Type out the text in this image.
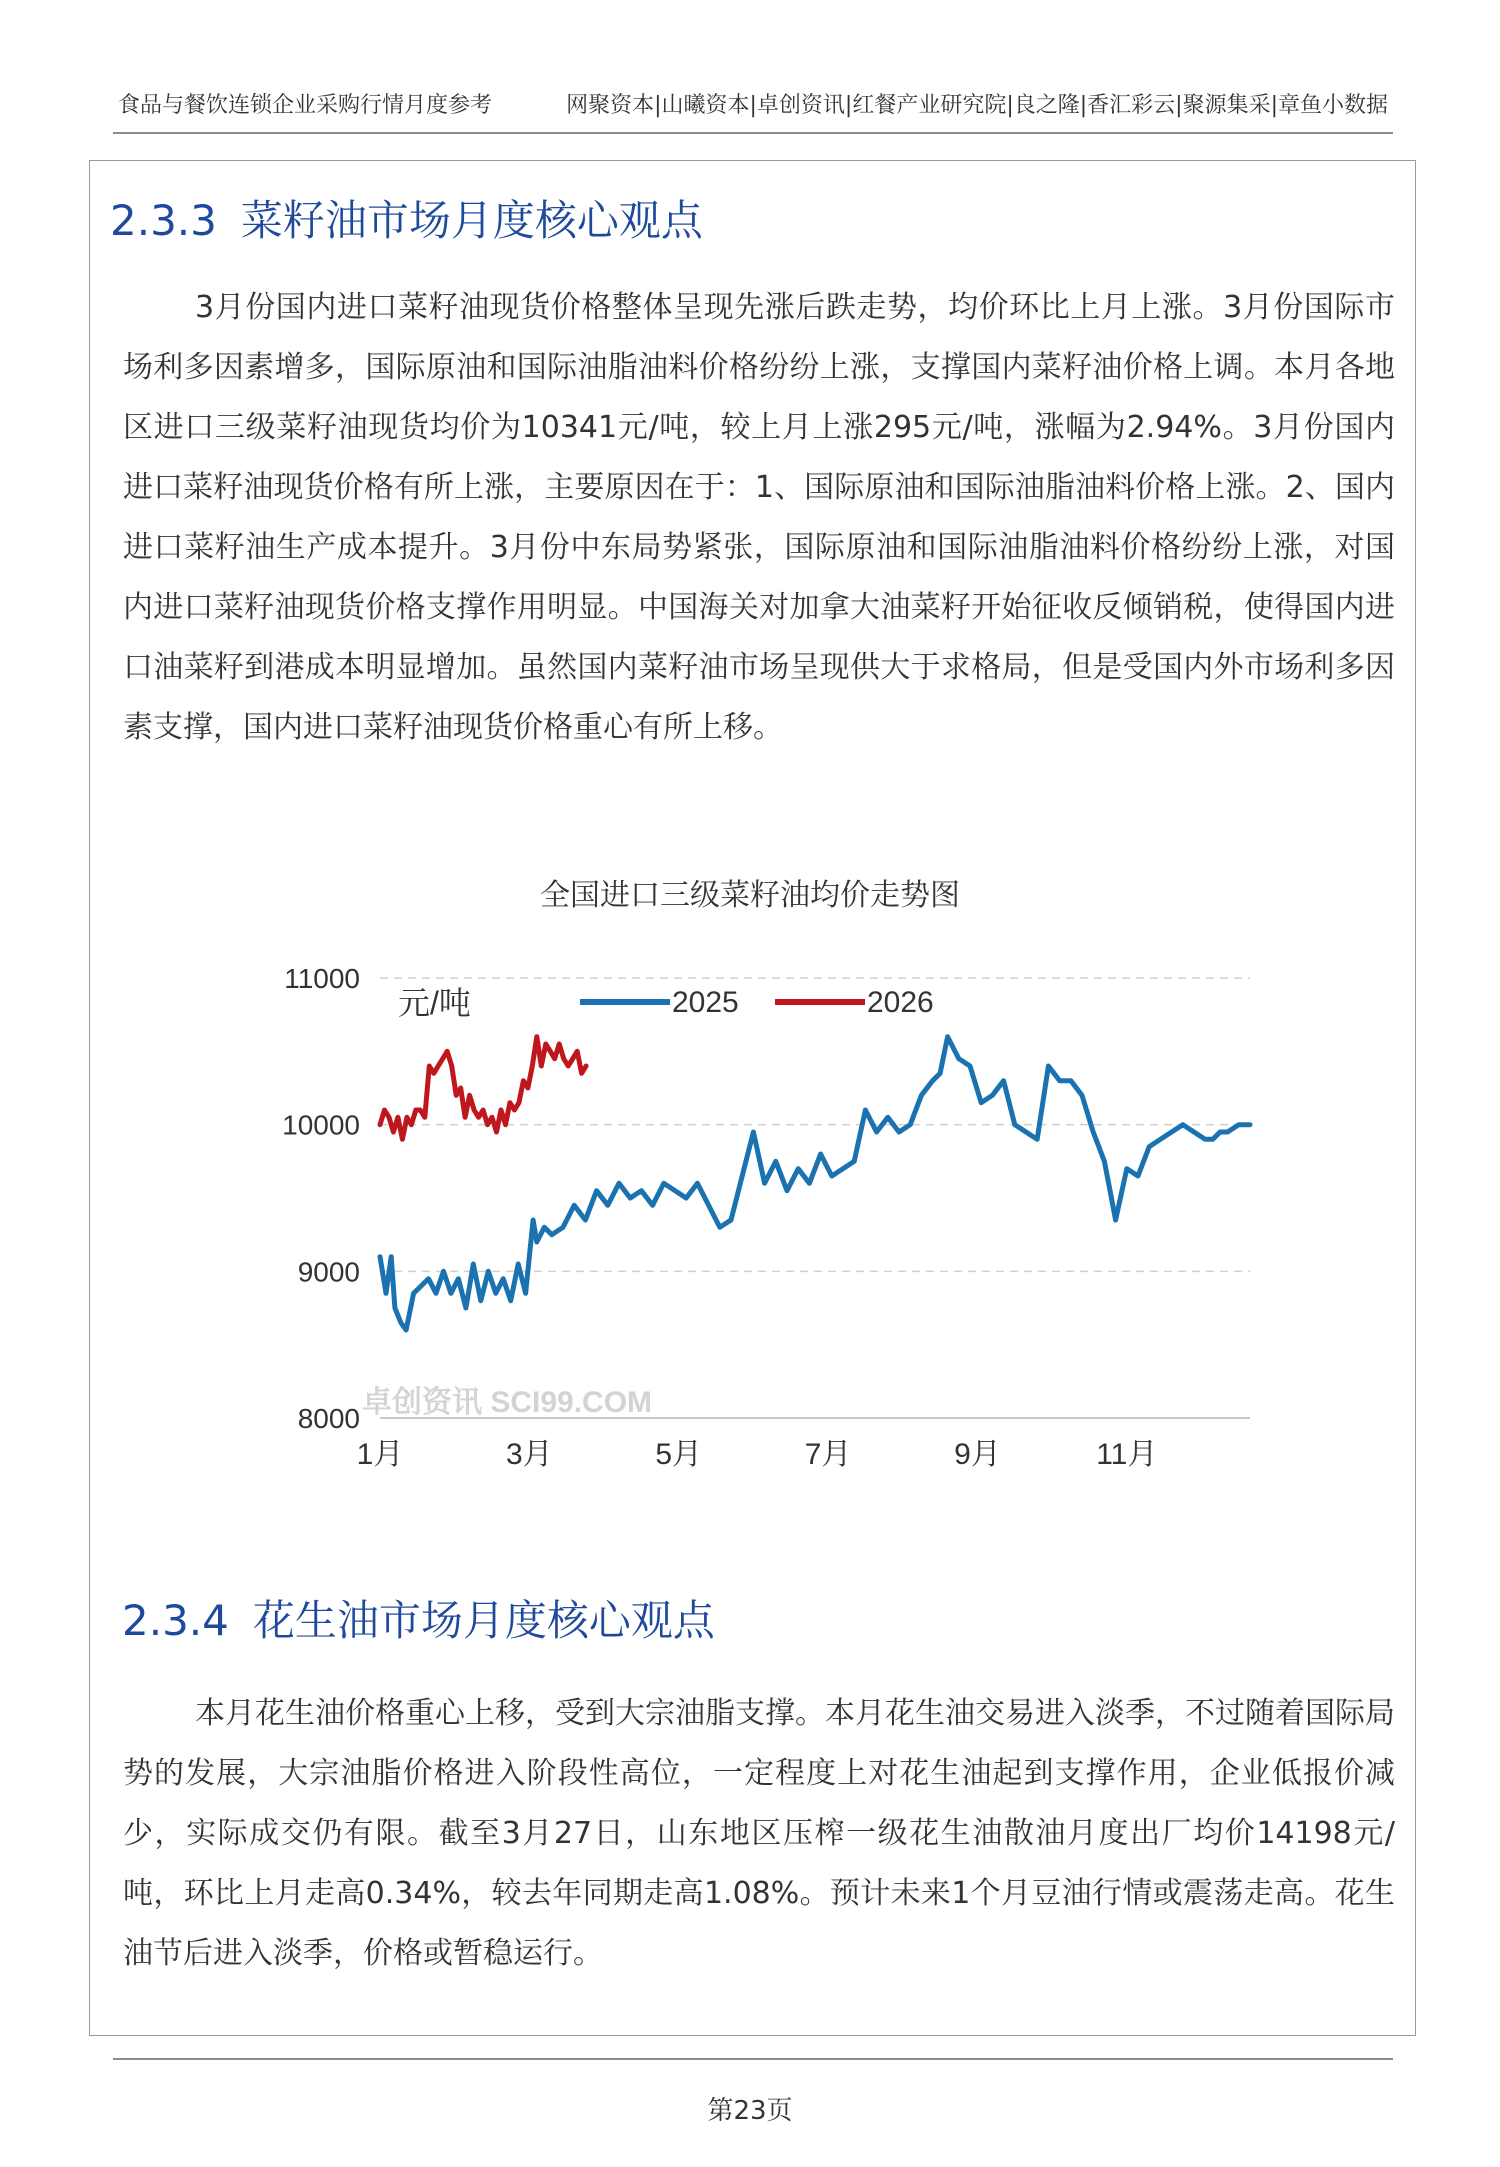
食品与餐饮连锁企业采购行情月度参考	网聚资本|山曦资本|卓创资讯|红餐产业研究院|良之隆|香汇彩云|聚源集采|章鱼小数据
2.3.3 菜籽油市场月度核心观点

3月份国内进口菜籽油现货价格整体呈现先涨后跌走势，均价环比上月上涨。3月份国际市场利多因素增多，国际原油和国际油脂油料价格纷纷上涨，支撑国内菜籽油价格上调。本月各地区进口三级菜籽油现货均价为10341元/吨，较上月上涨295元/吨，涨幅为2.94%。3月份国内进口菜籽油现货价格有所上涨，主要原因在于：1、国际原油和国际油脂油料价格上涨。2、国内进口菜籽油生产成本提升。3月份中东局势紧张，国际原油和国际油脂油料价格纷纷上涨，对国内进口菜籽油现货价格支撑作用明显。中国海关对加拿大油菜籽开始征收反倾销税，使得国内进口油菜籽到港成本明显增加。虽然国内菜籽油市场呈现供大于求格局，但是受国内外市场利多因素支撑，国内进口菜籽油现货价格重心有所上移。

全国进口三级菜籽油均价走势图
8000
9000
10000
11000
1月	3月	5月	7月	9月	11月
元/吨
卓创资讯 SCI99.COM
2025	2026
2.3.4 花生油市场月度核心观点

本月花生油价格重心上移，受到大宗油脂支撑。本月花生油交易进入淡季，不过随着国际局势的发展，大宗油脂价格进入阶段性高位，一定程度上对花生油起到支撑作用，企业低报价减少，实际成交仍有限。截至3月27日，山东地区压榨一级花生油散油月度出厂均价14198元/吨，环比上月走高0.34%，较去年同期走高1.08%。预计未来1个月豆油行情或震荡走高。花生油节后进入淡季，价格或暂稳运行。

第23页
